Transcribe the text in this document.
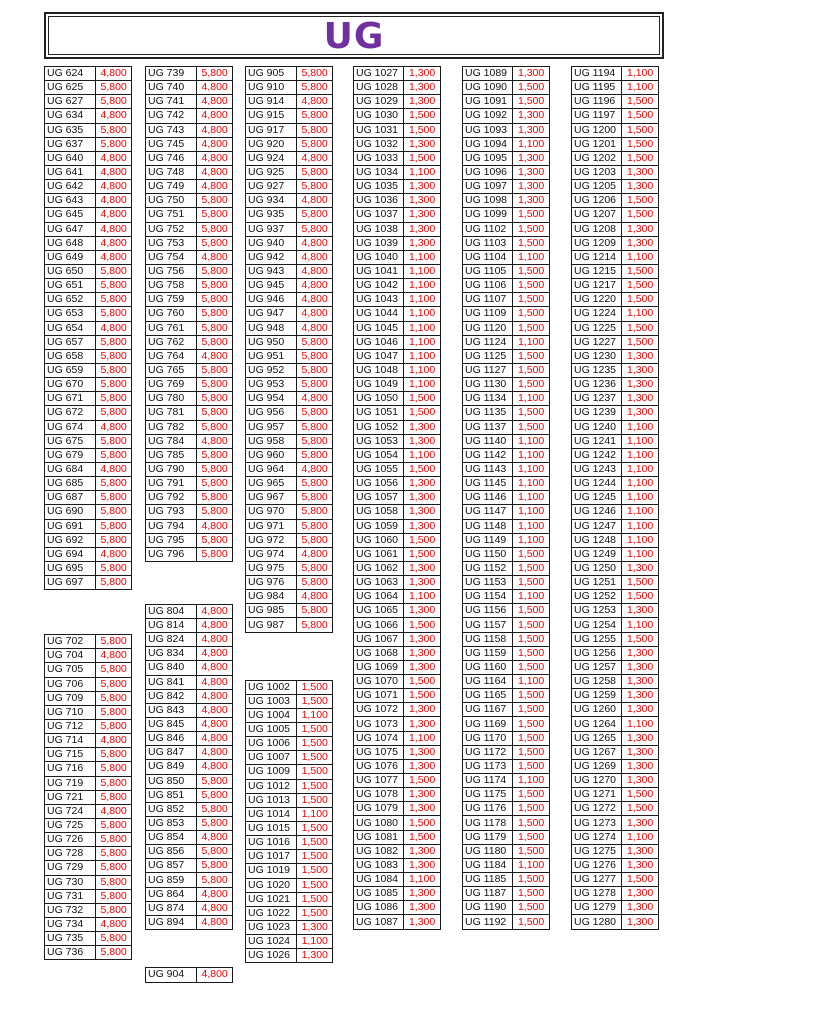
UG
UG 624	4,800
UG 625	5,800
UG 627	5,800
UG 634	4,800
UG 635	5,800
UG 637	5,800
UG 640	4,800
UG 641	4,800
UG 642	4,800
UG 643	4,800
UG 645	4,800
UG 647	4,800
UG 648	4,800
UG 649	4,800
UG 650	5,800
UG 651	5,800
UG 652	5,800
UG 653	5,800
UG 654	4,800
UG 657	5,800
UG 658	5,800
UG 659	5,800
UG 670	5,800
UG 671	5,800
UG 672	5,800
UG 674	4,800
UG 675	5,800
UG 679	5,800
UG 684	4,800
UG 685	5,800
UG 687	5,800
UG 690	5,800
UG 691	5,800
UG 692	5,800
UG 694	4,800
UG 695	5,800
UG 697	5,800
UG 702	5,800
UG 704	4,800
UG 705	5,800
UG 706	5,800
UG 709	5,800
UG 710	5,800
UG 712	5,800
UG 714	4,800
UG 715	5,800
UG 716	5,800
UG 719	5,800
UG 721	5,800
UG 724	4,800
UG 725	5,800
UG 726	5,800
UG 728	5,800
UG 729	5,800
UG 730	5,800
UG 731	5,800
UG 732	5,800
UG 734	4,800
UG 735	5,800
UG 736	5,800
UG 739	5,800
UG 740	4,800
UG 741	4,800
UG 742	4,800
UG 743	4,800
UG 745	4,800
UG 746	4,800
UG 748	4,800
UG 749	4,800
UG 750	5,800
UG 751	5,800
UG 752	5,800
UG 753	5,800
UG 754	4,800
UG 756	5,800
UG 758	5,800
UG 759	5,800
UG 760	5,800
UG 761	5,800
UG 762	5,800
UG 764	4,800
UG 765	5,800
UG 769	5,800
UG 780	5,800
UG 781	5,800
UG 782	5,800
UG 784	4,800
UG 785	5,800
UG 790	5,800
UG 791	5,800
UG 792	5,800
UG 793	5,800
UG 794	4,800
UG 795	5,800
UG 796	5,800
UG 804	4,800
UG 814	4,800
UG 824	4,800
UG 834	4,800
UG 840	4,800
UG 841	4,800
UG 842	4,800
UG 843	4,800
UG 845	4,800
UG 846	4,800
UG 847	4,800
UG 849	4,800
UG 850	5,800
UG 851	5,800
UG 852	5,800
UG 853	5,800
UG 854	4,800
UG 856	5,800
UG 857	5,800
UG 859	5,800
UG 864	4,800
UG 874	4,800
UG 894	4,800
UG 904	4,800
UG 905	5,800
UG 910	5,800
UG 914	4,800
UG 915	5,800
UG 917	5,800
UG 920	5,800
UG 924	4,800
UG 925	5,800
UG 927	5,800
UG 934	4,800
UG 935	5,800
UG 937	5,800
UG 940	4,800
UG 942	4,800
UG 943	4,800
UG 945	4,800
UG 946	4,800
UG 947	4,800
UG 948	4,800
UG 950	5,800
UG 951	5,800
UG 952	5,800
UG 953	5,800
UG 954	4,800
UG 956	5,800
UG 957	5,800
UG 958	5,800
UG 960	5,800
UG 964	4,800
UG 965	5,800
UG 967	5,800
UG 970	5,800
UG 971	5,800
UG 972	5,800
UG 974	4,800
UG 975	5,800
UG 976	5,800
UG 984	4,800
UG 985	5,800
UG 987	5,800
UG 1002	1,500
UG 1003	1,500
UG 1004	1,100
UG 1005	1,500
UG 1006	1,500
UG 1007	1,500
UG 1009	1,500
UG 1012	1,500
UG 1013	1,500
UG 1014	1,100
UG 1015	1,500
UG 1016	1,500
UG 1017	1,500
UG 1019	1,500
UG 1020	1,500
UG 1021	1,500
UG 1022	1,500
UG 1023	1,300
UG 1024	1,100
UG 1026	1,300
UG 1027	1,300
UG 1028	1,300
UG 1029	1,300
UG 1030	1,500
UG 1031	1,500
UG 1032	1,300
UG 1033	1,500
UG 1034	1,100
UG 1035	1,300
UG 1036	1,300
UG 1037	1,300
UG 1038	1,300
UG 1039	1,300
UG 1040	1,100
UG 1041	1,100
UG 1042	1,100
UG 1043	1,100
UG 1044	1,100
UG 1045	1,100
UG 1046	1,100
UG 1047	1,100
UG 1048	1,100
UG 1049	1,100
UG 1050	1,500
UG 1051	1,500
UG 1052	1,300
UG 1053	1,300
UG 1054	1,100
UG 1055	1,500
UG 1056	1,300
UG 1057	1,300
UG 1058	1,300
UG 1059	1,300
UG 1060	1,500
UG 1061	1,500
UG 1062	1,300
UG 1063	1,300
UG 1064	1,100
UG 1065	1,300
UG 1066	1,500
UG 1067	1,300
UG 1068	1,300
UG 1069	1,300
UG 1070	1,500
UG 1071	1,500
UG 1072	1,300
UG 1073	1,300
UG 1074	1,100
UG 1075	1,300
UG 1076	1,300
UG 1077	1,500
UG 1078	1,300
UG 1079	1,300
UG 1080	1,500
UG 1081	1,500
UG 1082	1,300
UG 1083	1,300
UG 1084	1,100
UG 1085	1,300
UG 1086	1,300
UG 1087	1,300
UG 1089	1,300
UG 1090	1,500
UG 1091	1,500
UG 1092	1,300
UG 1093	1,300
UG 1094	1,100
UG 1095	1,300
UG 1096	1,300
UG 1097	1,300
UG 1098	1,300
UG 1099	1,500
UG 1102	1,500
UG 1103	1,500
UG 1104	1,100
UG 1105	1,500
UG 1106	1,500
UG 1107	1,500
UG 1109	1,500
UG 1120	1,500
UG 1124	1,100
UG 1125	1,500
UG 1127	1,500
UG 1130	1,500
UG 1134	1,100
UG 1135	1,500
UG 1137	1,500
UG 1140	1,100
UG 1142	1,100
UG 1143	1,100
UG 1145	1,100
UG 1146	1,100
UG 1147	1,100
UG 1148	1,100
UG 1149	1,100
UG 1150	1,500
UG 1152	1,500
UG 1153	1,500
UG 1154	1,100
UG 1156	1,500
UG 1157	1,500
UG 1158	1,500
UG 1159	1,500
UG 1160	1,500
UG 1164	1,100
UG 1165	1,500
UG 1167	1,500
UG 1169	1,500
UG 1170	1,500
UG 1172	1,500
UG 1173	1,500
UG 1174	1,100
UG 1175	1,500
UG 1176	1,500
UG 1178	1,500
UG 1179	1,500
UG 1180	1,500
UG 1184	1,100
UG 1185	1,500
UG 1187	1,500
UG 1190	1,500
UG 1192	1,500
UG 1194	1,100
UG 1195	1,100
UG 1196	1,500
UG 1197	1,500
UG 1200	1,500
UG 1201	1,500
UG 1202	1,500
UG 1203	1,300
UG 1205	1,300
UG 1206	1,500
UG 1207	1,500
UG 1208	1,300
UG 1209	1,300
UG 1214	1,100
UG 1215	1,500
UG 1217	1,500
UG 1220	1,500
UG 1224	1,100
UG 1225	1,500
UG 1227	1,500
UG 1230	1,300
UG 1235	1,300
UG 1236	1,300
UG 1237	1,300
UG 1239	1,300
UG 1240	1,100
UG 1241	1,100
UG 1242	1,100
UG 1243	1,100
UG 1244	1,100
UG 1245	1,100
UG 1246	1,100
UG 1247	1,100
UG 1248	1,100
UG 1249	1,100
UG 1250	1,300
UG 1251	1,500
UG 1252	1,500
UG 1253	1,300
UG 1254	1,100
UG 1255	1,500
UG 1256	1,300
UG 1257	1,300
UG 1258	1,300
UG 1259	1,300
UG 1260	1,300
UG 1264	1,100
UG 1265	1,300
UG 1267	1,300
UG 1269	1,300
UG 1270	1,300
UG 1271	1,500
UG 1272	1,500
UG 1273	1,300
UG 1274	1,100
UG 1275	1,300
UG 1276	1,300
UG 1277	1,500
UG 1278	1,300
UG 1279	1,300
UG 1280	1,300
